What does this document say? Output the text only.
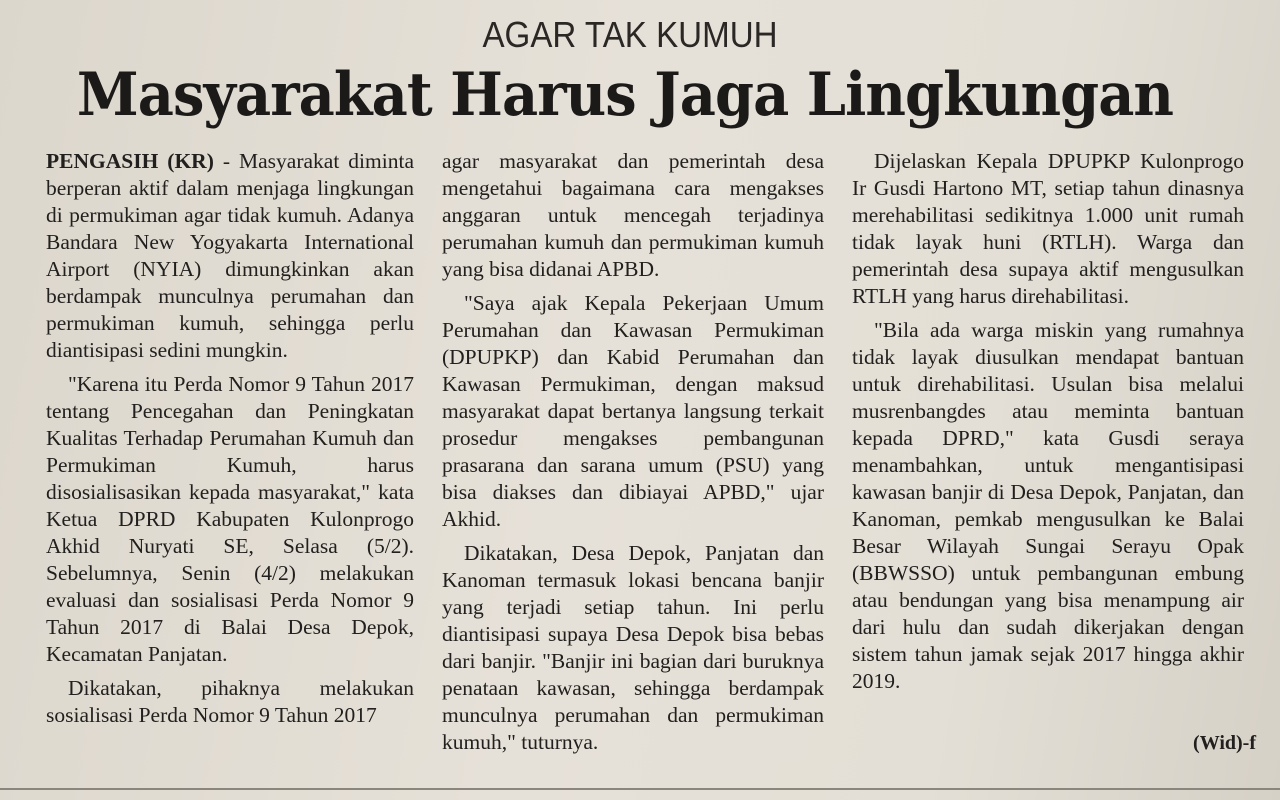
AGAR TAK KUMUH
Masyarakat Harus Jaga Lingkungan

PENGASIH (KR) - Masyarakat diminta berperan aktif dalam menjaga lingkungan di permukiman agar tidak kumuh. Adanya Bandara New Yogyakarta International Airport (NYIA) dimungkinkan akan berdampak munculnya perumahan dan permukiman kumuh, sehingga perlu diantisipasi sedini mungkin.

"Karena itu Perda Nomor 9 Tahun 2017 tentang Pencegahan dan Peningkatan Kualitas Terhadap Perumahan Kumuh dan Permukiman Kumuh, harus disosialisasikan kepada masyarakat," kata Ketua DPRD Kabupaten Kulonprogo Akhid Nuryati SE, Selasa (5/2). Sebelumnya, Senin (4/2) melakukan evaluasi dan sosialisasi Perda Nomor 9 Tahun 2017 di Balai Desa Depok, Kecamatan Panjatan.

Dikatakan, pihaknya melakukan sosialisasi Perda Nomor 9 Tahun 2017

agar masyarakat dan pemerintah desa mengetahui bagaimana cara mengakses anggaran untuk mencegah terjadinya perumahan kumuh dan permukiman kumuh yang bisa didanai APBD.

"Saya ajak Kepala Pekerjaan Umum Perumahan dan Kawasan Permukiman (DPUPKP) dan Kabid Perumahan dan Kawasan Permukiman, dengan maksud masyarakat dapat bertanya langsung terkait prosedur mengakses pembangunan prasarana dan sarana umum (PSU) yang bisa diakses dan dibiayai APBD," ujar Akhid.

Dikatakan, Desa Depok, Panjatan dan Kanoman termasuk lokasi bencana banjir yang terjadi setiap tahun. Ini perlu diantisipasi supaya Desa Depok bisa bebas dari banjir. "Banjir ini bagian dari buruknya penataan kawasan, sehingga berdampak munculnya perumahan dan permukiman kumuh," tuturnya.

Dijelaskan Kepala DPUPKP Kulonprogo Ir Gusdi Hartono MT, setiap tahun dinasnya merehabilitasi sedikitnya 1.000 unit rumah tidak layak huni (RTLH). Warga dan pemerintah desa supaya aktif mengusulkan RTLH yang harus direhabilitasi.

"Bila ada warga miskin yang rumahnya tidak layak diusulkan mendapat bantuan untuk direhabilitasi. Usulan bisa melalui musrenbangdes atau meminta bantuan kepada DPRD," kata Gusdi seraya menambahkan, untuk mengantisipasi kawasan banjir di Desa Depok, Panjatan, dan Kanoman, pemkab mengusulkan ke Balai Besar Wilayah Sungai Serayu Opak (BBWSSO) untuk pembangunan embung atau bendungan yang bisa menampung air dari hulu dan sudah dikerjakan dengan sistem tahun jamak sejak 2017 hingga akhir 2019.

(Wid)-f
